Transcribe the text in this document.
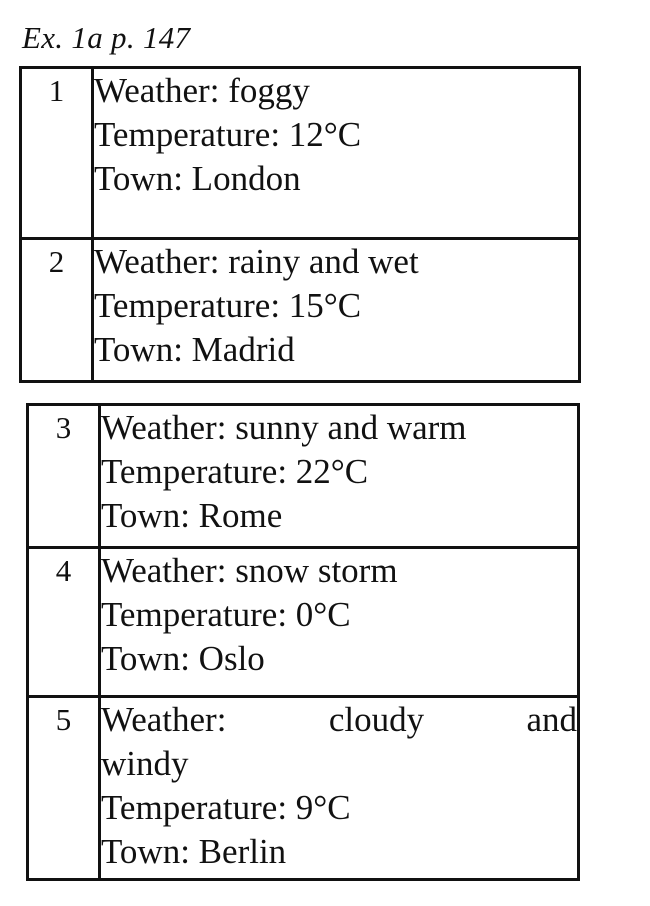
Ex. 1a p. 147
1	Weather: foggy
Temperature: 12°C
Town: London

2	Weather: rainy and wet
Temperature: 15°C
Town: Madrid
3	Weather: sunny and warm
Temperature: 22°C
Town: Rome

4	Weather: snow storm
Temperature: 0°C
Town: Oslo

5	Weather: cloudy and
windy
Temperature: 9°C
Town: Berlin
